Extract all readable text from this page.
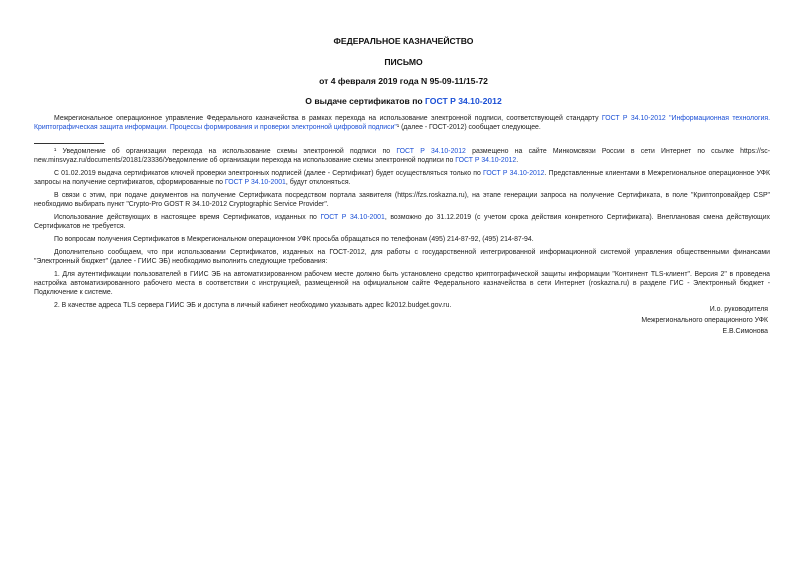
ФЕДЕРАЛЬНОЕ КАЗНАЧЕЙСТВО
ПИСЬМО
от 4 февраля 2019 года N 95-09-11/15-72
О выдаче сертификатов по ГОСТ Р 34.10-2012

Межрегиональное операционное управление Федерального казначейства в рамках перехода на использование электронной подписи, соответствующей стандарту ГОСТ Р 34.10-2012 "Информационная технология. Криптографическая защита информации. Процессы формирования и проверки электронной цифровой подписи"¹ (далее - ГОСТ-2012) сообщает следующее.

¹ Уведомление об организации перехода на использование схемы электронной подписи по ГОСТ Р 34.10-2012 размещено на сайте Минкомсвязи России в сети Интернет по ссылке https://sc-new.minsvyaz.ru/documents/20181/23336/Уведомление об организации перехода на использование схемы электронной подписи по ГОСТ Р 34.10-2012.

С 01.02.2019 выдача сертификатов ключей проверки электронных подписей (далее - Сертификат) будет осуществляться только по ГОСТ Р 34.10-2012. Представленные клиентами в Межрегиональное операционное УФК запросы на получение сертификатов, сформированные по ГОСТ Р 34.10-2001, будут отклоняться.

В связи с этим, при подаче документов на получение Сертификата посредством портала заявителя (https://fzs.roskazna.ru), на этапе генерации запроса на получение Сертификата, в поле "Криптопровайдер CSP" необходимо выбирать пункт "Crypto-Pro GOST R 34.10-2012 Cryptographic Service Provider".

Использование действующих в настоящее время Сертификатов, изданных по ГОСТ Р 34.10-2001, возможно до 31.12.2019 (с учетом срока действия конкретного Сертификата). Внеплановая смена действующих Сертификатов не требуется.

По вопросам получения Сертификатов в Межрегиональном операционном УФК просьба обращаться по телефонам (495) 214-87-92, (495) 214-87-94.

Дополнительно сообщаем, что при использовании Сертификатов, изданных на ГОСТ-2012, для работы с государственной интегрированной информационной системой управления общественными финансами "Электронный бюджет" (далее - ГИИС ЭБ) необходимо выполнить следующие требования:

1. Для аутентификации пользователей в ГИИС ЭБ на автоматизированном рабочем месте должно быть установлено средство криптографической защиты информации "Континент TLS-клиент". Версия 2" в проведена настройка автоматизированного рабочего места в соответствии с инструкцией, размещенной на официальном сайте Федерального казначейства в сети Интернет (roskazna.ru) в разделе ГИС - Электронный бюджет - Подключение к системе.

2. В качестве адреса TLS сервера ГИИС ЭБ и доступа в личный кабинет необходимо указывать адрес lk2012.budget.gov.ru.

И.о. руководителя
Межрегионального операционного УФК
Е.В.Симонова
